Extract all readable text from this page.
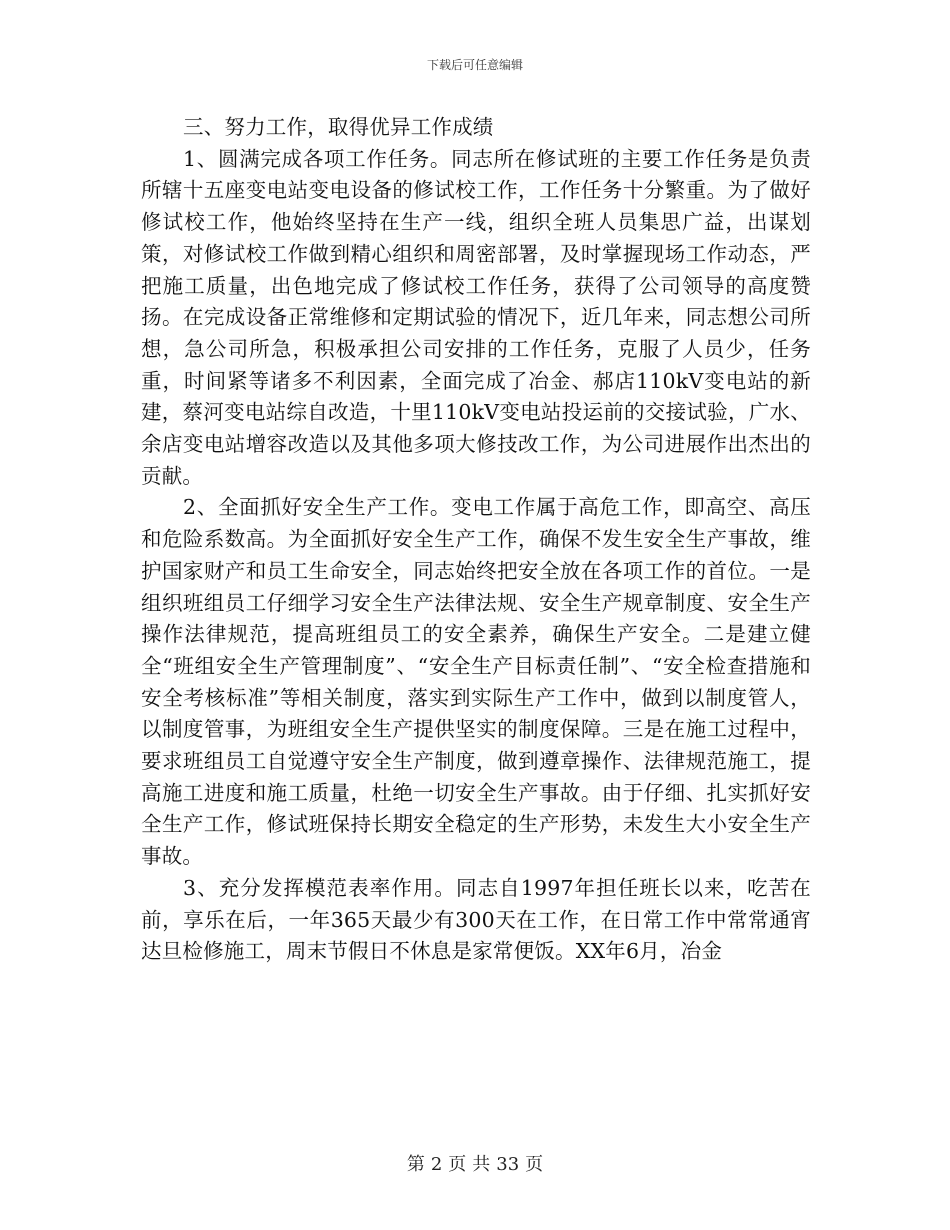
下载后可任意编辑

三、努力工作，取得优异工作成绩

1、圆满完成各项工作任务。同志所在修试班的主要工作任务是负责所辖十五座变电站变电设备的修试校工作，工作任务十分繁重。为了做好修试校工作，他始终坚持在生产一线，组织全班人员集思广益，出谋划策，对修试校工作做到精心组织和周密部署，及时掌握现场工作动态，严把施工质量，出色地完成了修试校工作任务，获得了公司领导的高度赞扬。在完成设备正常维修和定期试验的情况下，近几年来，同志想公司所想，急公司所急，积极承担公司安排的工作任务，克服了人员少，任务重，时间紧等诸多不利因素，全面完成了冶金、郝店110kV变电站的新建，蔡河变电站综自改造，十里110kV变电站投运前的交接试验，广水、余店变电站增容改造以及其他多项大修技改工作，为公司进展作出杰出的贡献。

2、全面抓好安全生产工作。变电工作属于高危工作，即高空、高压和危险系数高。为全面抓好安全生产工作，确保不发生安全生产事故，维护国家财产和员工生命安全，同志始终把安全放在各项工作的首位。一是组织班组员工仔细学习安全生产法律法规、安全生产规章制度、安全生产操作法律规范，提高班组员工的安全素养，确保生产安全。二是建立健全“班组安全生产管理制度”、“安全生产目标责任制”、“安全检查措施和安全考核标准”等相关制度，落实到实际生产工作中，做到以制度管人，以制度管事，为班组安全生产提供坚实的制度保障。三是在施工过程中，要求班组员工自觉遵守安全生产制度，做到遵章操作、法律规范施工，提高施工进度和施工质量，杜绝一切安全生产事故。由于仔细、扎实抓好安全生产工作，修试班保持长期安全稳定的生产形势，未发生大小安全生产事故。

3、充分发挥模范表率作用。同志自1997年担任班长以来，吃苦在前，享乐在后，一年365天最少有300天在工作，在日常工作中常常通宵达旦检修施工，周末节假日不休息是家常便饭。XX年6月，冶金

第 2 页 共 33 页
